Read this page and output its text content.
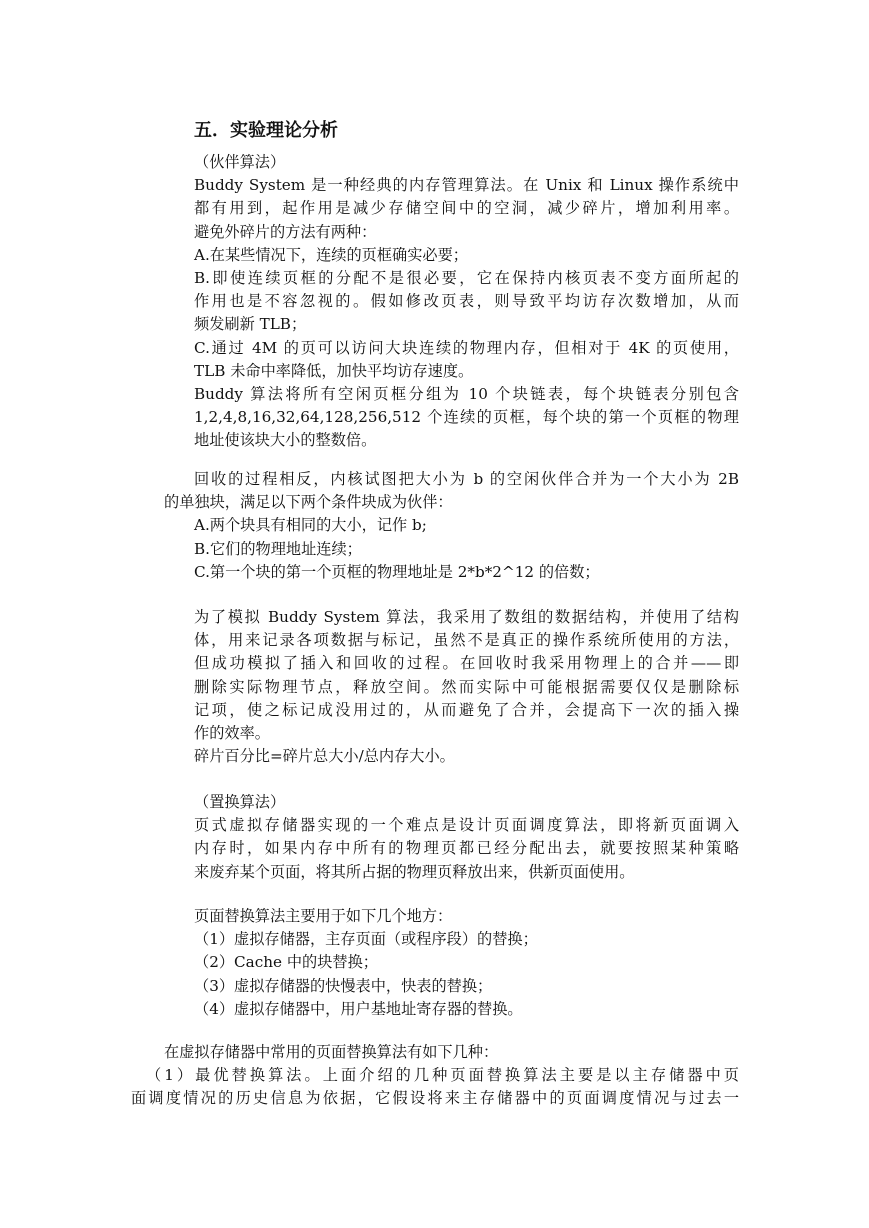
五．实验理论分析
（伙伴算法）
Buddy System 是一种经典的内存管理算法。在 Unix 和 Linux 操作系统中
都有用到，起作用是减少存储空间中的空洞，减少碎片，增加利用率。
避免外碎片的方法有两种：
A.在某些情况下，连续的页框确实必要；
B.即使连续页框的分配不是很必要，它在保持内核页表不变方面所起的
作用也是不容忽视的。假如修改页表，则导致平均访存次数增加，从而
频发刷新 TLB；
C.通过 4M 的页可以访问大块连续的物理内存，但相对于 4K 的页使用，
TLB 未命中率降低，加快平均访存速度。
Buddy 算法将所有空闲页框分组为 10 个块链表，每个块链表分别包含
1,2,4,8,16,32,64,128,256,512 个连续的页框，每个块的第一个页框的物理
地址使该块大小的整数倍。
回收的过程相反，内核试图把大小为 b 的空闲伙伴合并为一个大小为 2B
的单独块，满足以下两个条件块成为伙伴：
A.两个块具有相同的大小，记作 b;
B.它们的物理地址连续；
C.第一个块的第一个页框的物理地址是 2*b*2^12 的倍数；
为了模拟 Buddy System 算法，我采用了数组的数据结构，并使用了结构
体，用来记录各项数据与标记，虽然不是真正的操作系统所使用的方法，
但成功模拟了插入和回收的过程。在回收时我采用物理上的合并——即
删除实际物理节点，释放空间。然而实际中可能根据需要仅仅是删除标
记项，使之标记成没用过的，从而避免了合并，会提高下一次的插入操
作的效率。
碎片百分比=碎片总大小/总内存大小。
（置换算法）
页式虚拟存储器实现的一个难点是设计页面调度算法，即将新页面调入
内存时，如果内存中所有的物理页都已经分配出去，就要按照某种策略
来废弃某个页面，将其所占据的物理页释放出来，供新页面使用。
页面替换算法主要用于如下几个地方：
（1）虚拟存储器，主存页面（或程序段）的替换；
（2）Cache 中的块替换；
（3）虚拟存储器的快慢表中，快表的替换；
（4）虚拟存储器中，用户基地址寄存器的替换。
在虚拟存储器中常用的页面替换算法有如下几种：
（1）最优替换算法。上面介绍的几种页面替换算法主要是以主存储器中页
面调度情况的历史信息为依据，它假设将来主存储器中的页面调度情况与过去一
